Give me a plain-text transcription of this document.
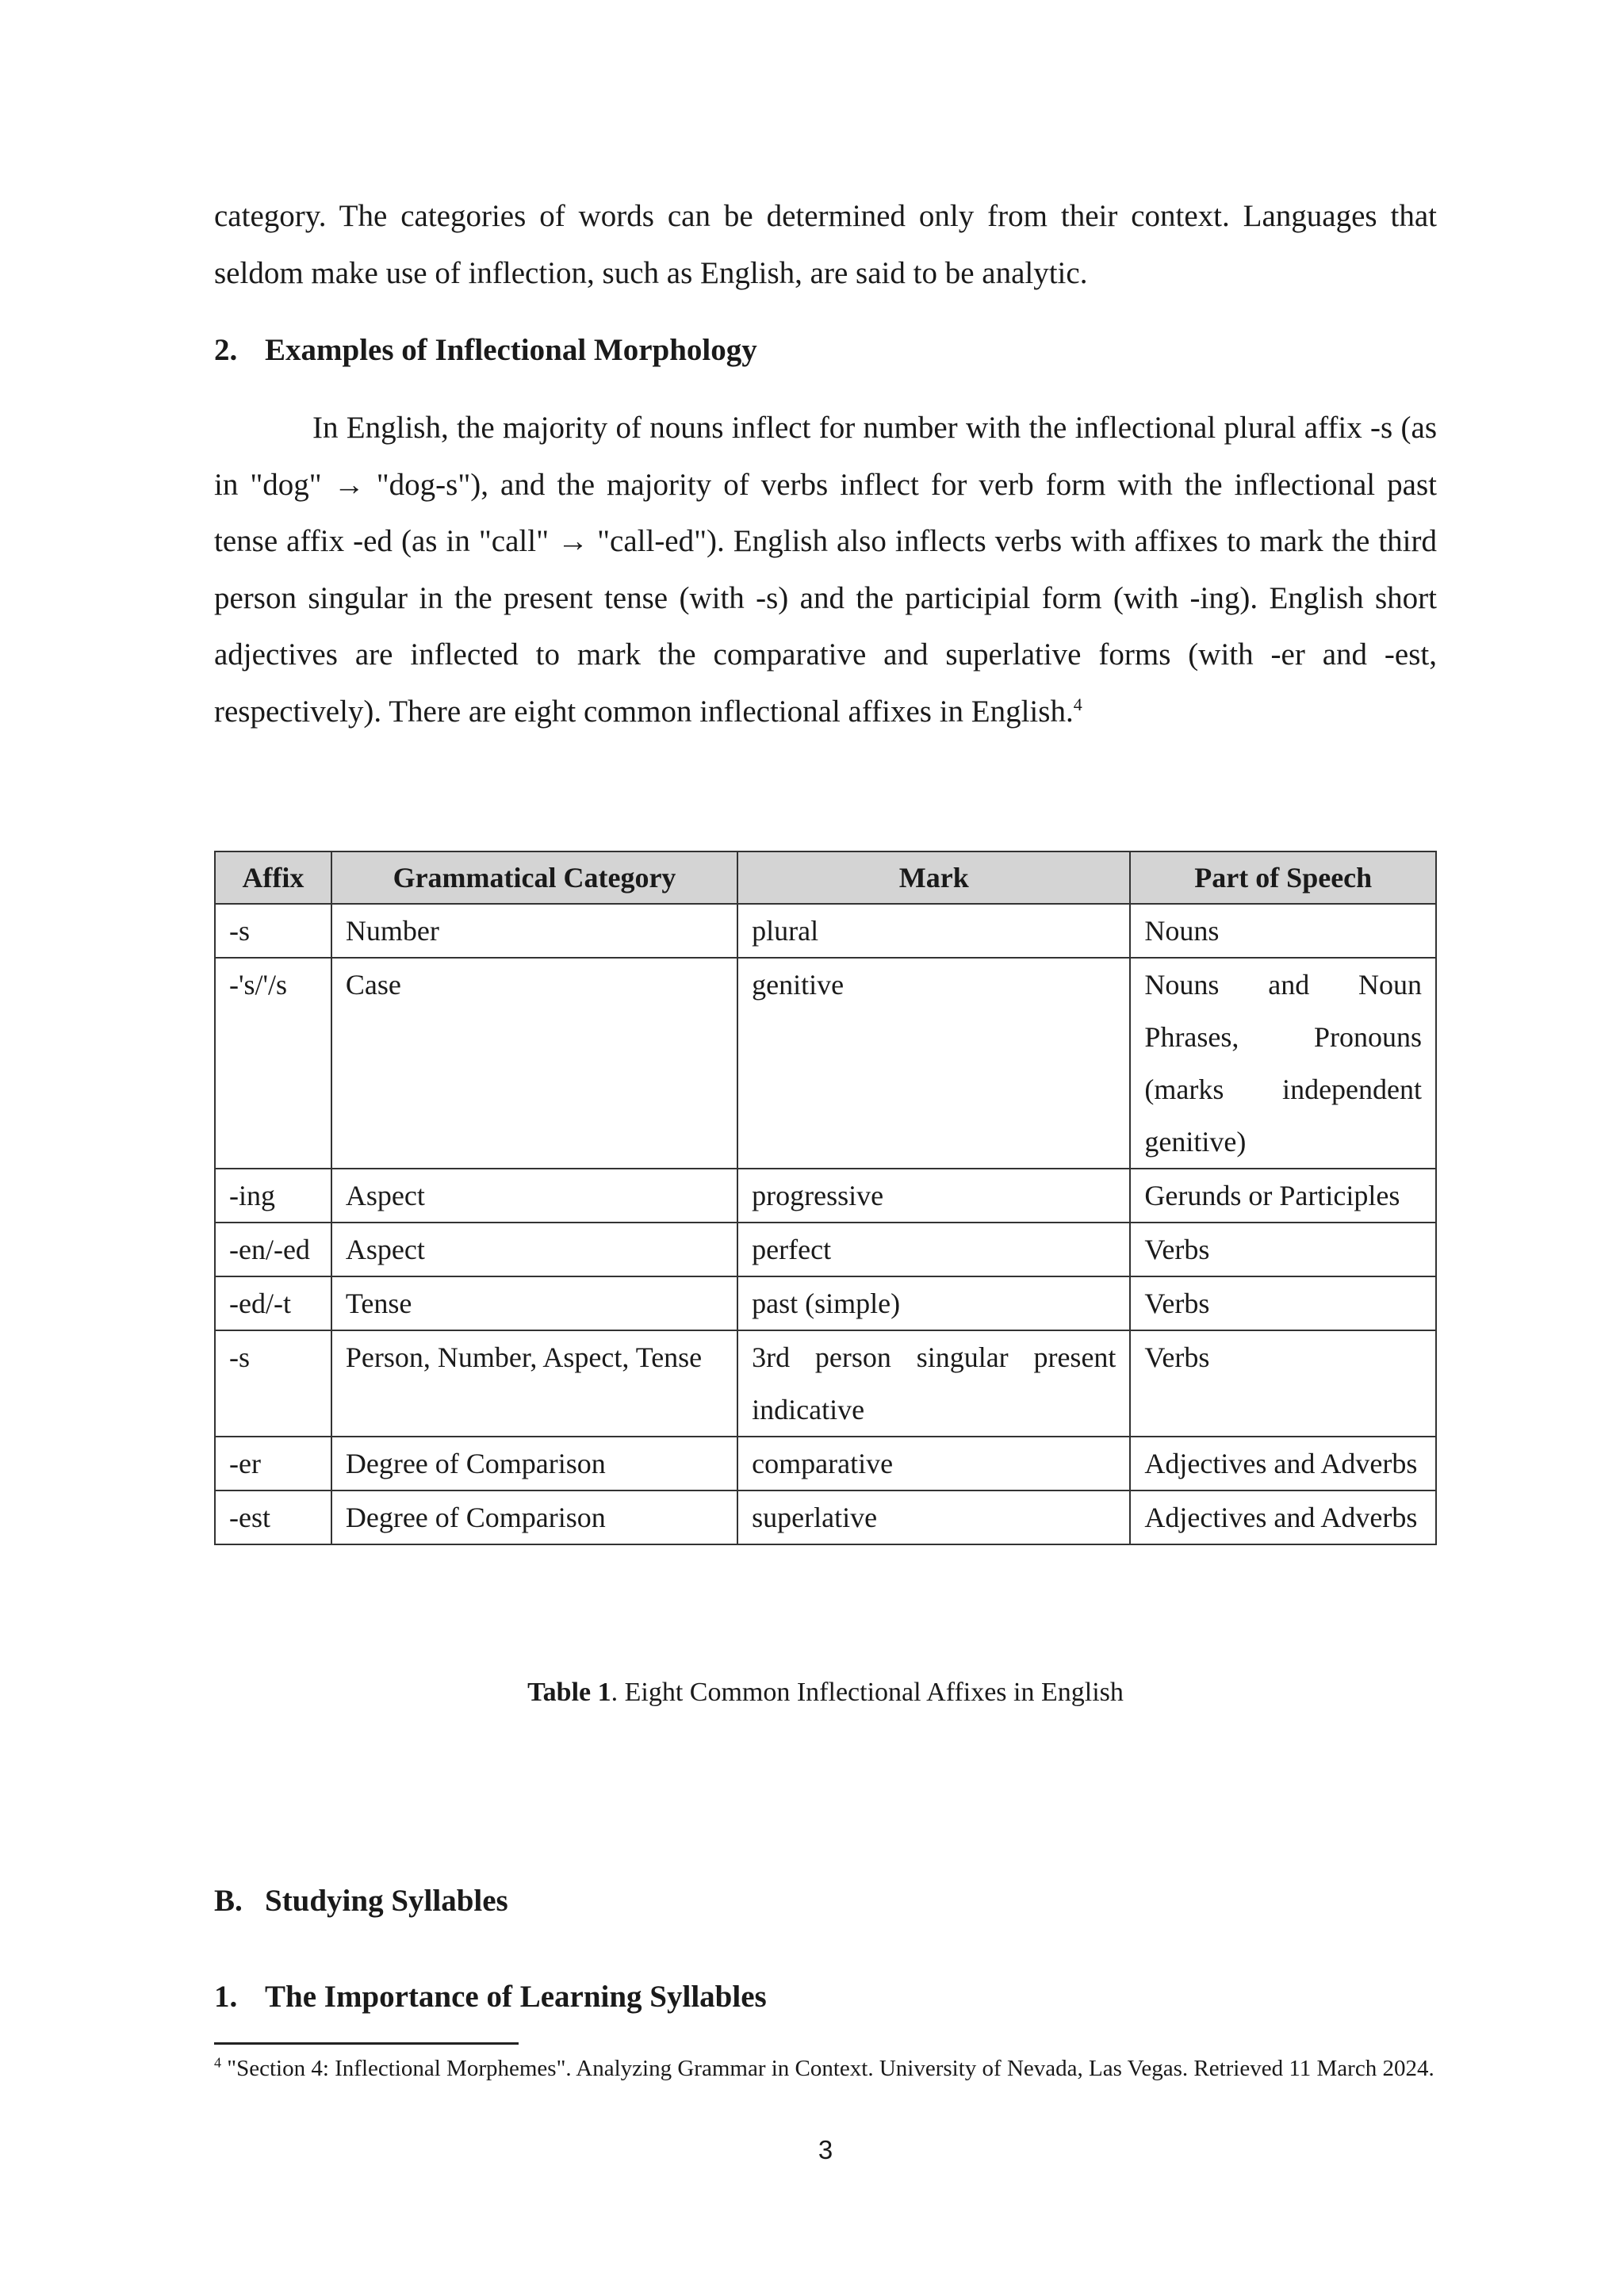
category. The categories of words can be determined only from their context. Languages that seldom make use of inflection, such as English, are said to be analytic.

2. Examples of Inflectional Morphology

In English, the majority of nouns inflect for number with the inflectional plural affix -s (as in "dog" → "dog-s"), and the majority of verbs inflect for verb form with the inflectional past tense affix -ed (as in "call" → "call-ed"). English also inflects verbs with affixes to mark the third person singular in the present tense (with -s) and the participial form (with -ing). English short adjectives are inflected to mark the comparative and superlative forms (with -er and -est, respectively). There are eight common inflectional affixes in English.$^4$

Affix	Grammatical Category	Mark	Part of Speech
-s	Number	plural	Nouns
-'s/'/s	Case	genitive	Nouns and Noun Phrases, Pronouns (marks independent genitive)
-ing	Aspect	progressive	Gerunds or Participles
-en/-ed	Aspect	perfect	Verbs
-ed/-t	Tense	past (simple)	Verbs
-s	Person, Number, Aspect, Tense	3rd person singular present indicative	Verbs
-er	Degree of Comparison	comparative	Adjectives and Adverbs
-est	Degree of Comparison	superlative	Adjectives and Adverbs
Table 1. Eight Common Inflectional Affixes in English
B. Studying Syllables
1. The Importance of Learning Syllables

$^4$ "Section 4: Inflectional Morphemes". Analyzing Grammar in Context. University of Nevada, Las Vegas. Retrieved 11 March 2024.

3
